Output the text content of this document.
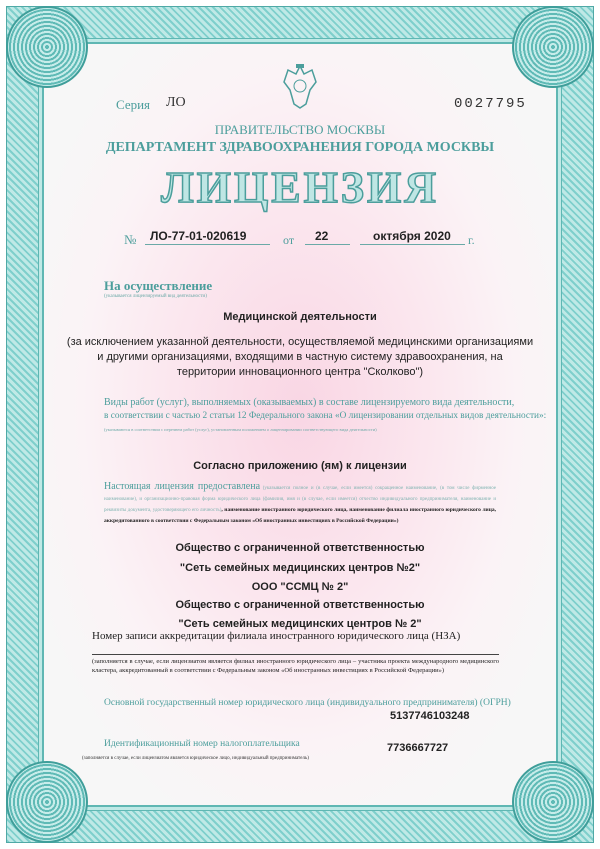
Серия ЛО	0027795
ПРАВИТЕЛЬСТВО МОСКВЫ
ДЕПАРТАМЕНТ ЗДРАВООХРАНЕНИЯ ГОРОДА МОСКВЫ
ЛИЦЕНЗИЯ
№ ЛО-77-01-020619	от 22	октября 2020 г.
На осуществление
(указывается лицензируемый вид деятельности)
Медицинской деятельности
(за исключением указанной деятельности, осуществляемой медицинскими организациями
и другими организациями, входящими в частную систему здравоохранения, на
территории инновационного центра "Сколково")
Виды работ (услуг), выполняемых (оказываемых) в составе лицензируемого вида деятельности,
в соответствии с частью 2 статьи 12 Федерального закона «О лицензировании отдельных видов деятельности»:
(указываются в соответствии с перечнем работ (услуг), установленным положением о лицензировании соответствующего вида деятельности)
Согласно приложению (ям) к лицензии
Настоящая лицензия предоставлена (указывается полное и (в случае, если имеется) сокращенное наименование, (в том числе фирменное наименование), и организационно-правовая форма юридического лица (фамилия, имя и (в случае, если имеется) отчество индивидуального предпринимателя, наименование и реквизиты документа, удостоверяющего его личность), наименование иностранного юридического лица, наименование филиала иностранного юридического лица, аккредитованного в соответствии с Федеральным законом «Об иностранных инвестициях в Российской Федерации»)
Общество с ограниченной ответственностью
"Сеть семейных медицинских центров №2"
ООО "ССМЦ № 2"
Общество с ограниченной ответственностью
"Сеть семейных медицинских центров № 2"
Номер записи аккредитации филиала иностранного юридического лица (НЗА)
(заполняется в случае, если лицензиатом является филиал иностранного юридического лица – участника проекта международного медицинского кластера, аккредитованный в соответствии с Федеральным законом «Об иностранных инвестициях в Российской Федерации»)
Основной государственный номер юридического лица (индивидуального предпринимателя) (ОГРН)
5137746103248
Идентификационный номер налогоплательщика	7736667727
(заполняется в случае, если лицензиатом является юридическое лицо, индивидуальный предприниматель)
